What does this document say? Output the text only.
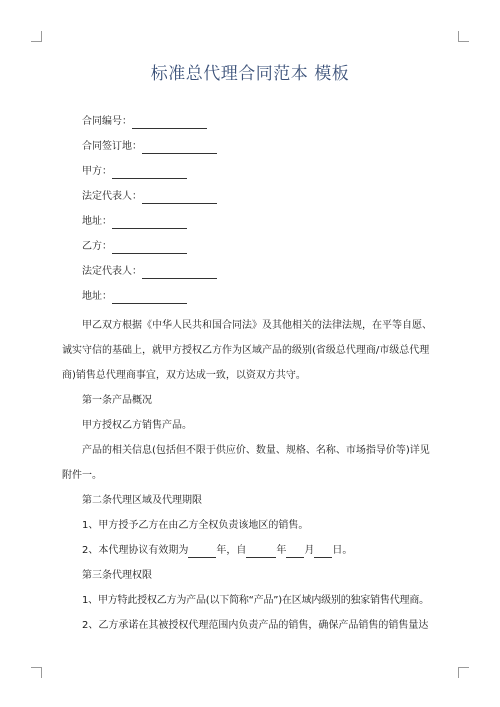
标准总代理合同范本 模板
合同编号：
合同签订地：
甲方：
法定代表人：
地址：
乙方：
法定代表人：
地址：
甲乙双方根据《中华人民共和国合同法》及其他相关的法律法规，在平等自愿、
诚实守信的基础上，就甲方授权乙方作为区域产品的级别(省级总代理商/市级总代理
商)销售总代理商事宜，双方达成一致，以资双方共守。
第一条产品概况
甲方授权乙方销售产品。
产品的相关信息(包括但不限于供应价、数量、规格、名称、市场指导价等)详见
附件一。
第二条代理区域及代理期限
1、甲方授予乙方在由乙方全权负责该地区的销售。
2、本代理协议有效期为	年，自	年 月 日。
第三条代理权限
1、甲方特此授权乙方为产品(以下简称“产品”)在区域内级别的独家销售代理商。
2、乙方承诺在其被授权代理范围内负责产品的销售，确保产品销售的销售量达
